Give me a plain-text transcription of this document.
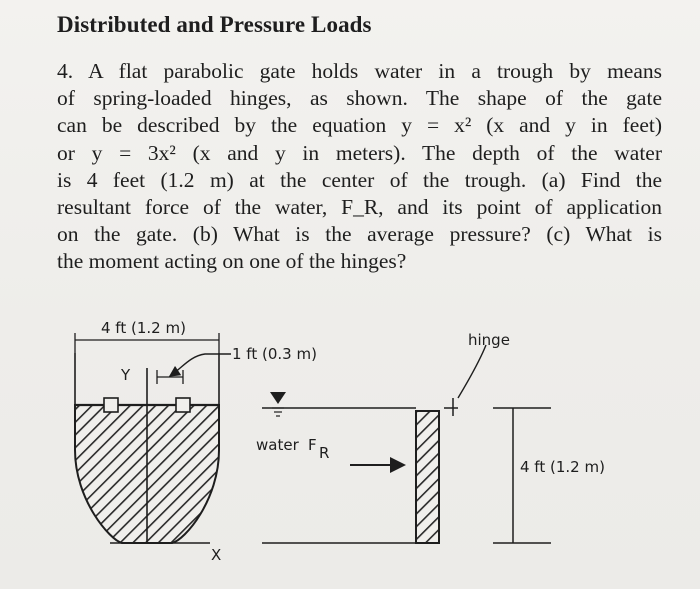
Distributed and Pressure Loads
4. A flat parabolic gate holds water in a trough by means
of spring-loaded hinges, as shown. The shape of the gate
can be described by the equation y = x² (x and y in feet)
or y = 3x² (x and y in meters). The depth of the water
is 4 feet (1.2 m) at the center of the trough. (a) Find the
resultant force of the water, F_R, and its point of application
on the gate. (b) What is the average pressure? (c) What is
the moment acting on one of the hinges?
4 ft (1.2 m)
1 ft (0.3 m)
Y
X
hinge
water F R
4 ft (1.2 m)
